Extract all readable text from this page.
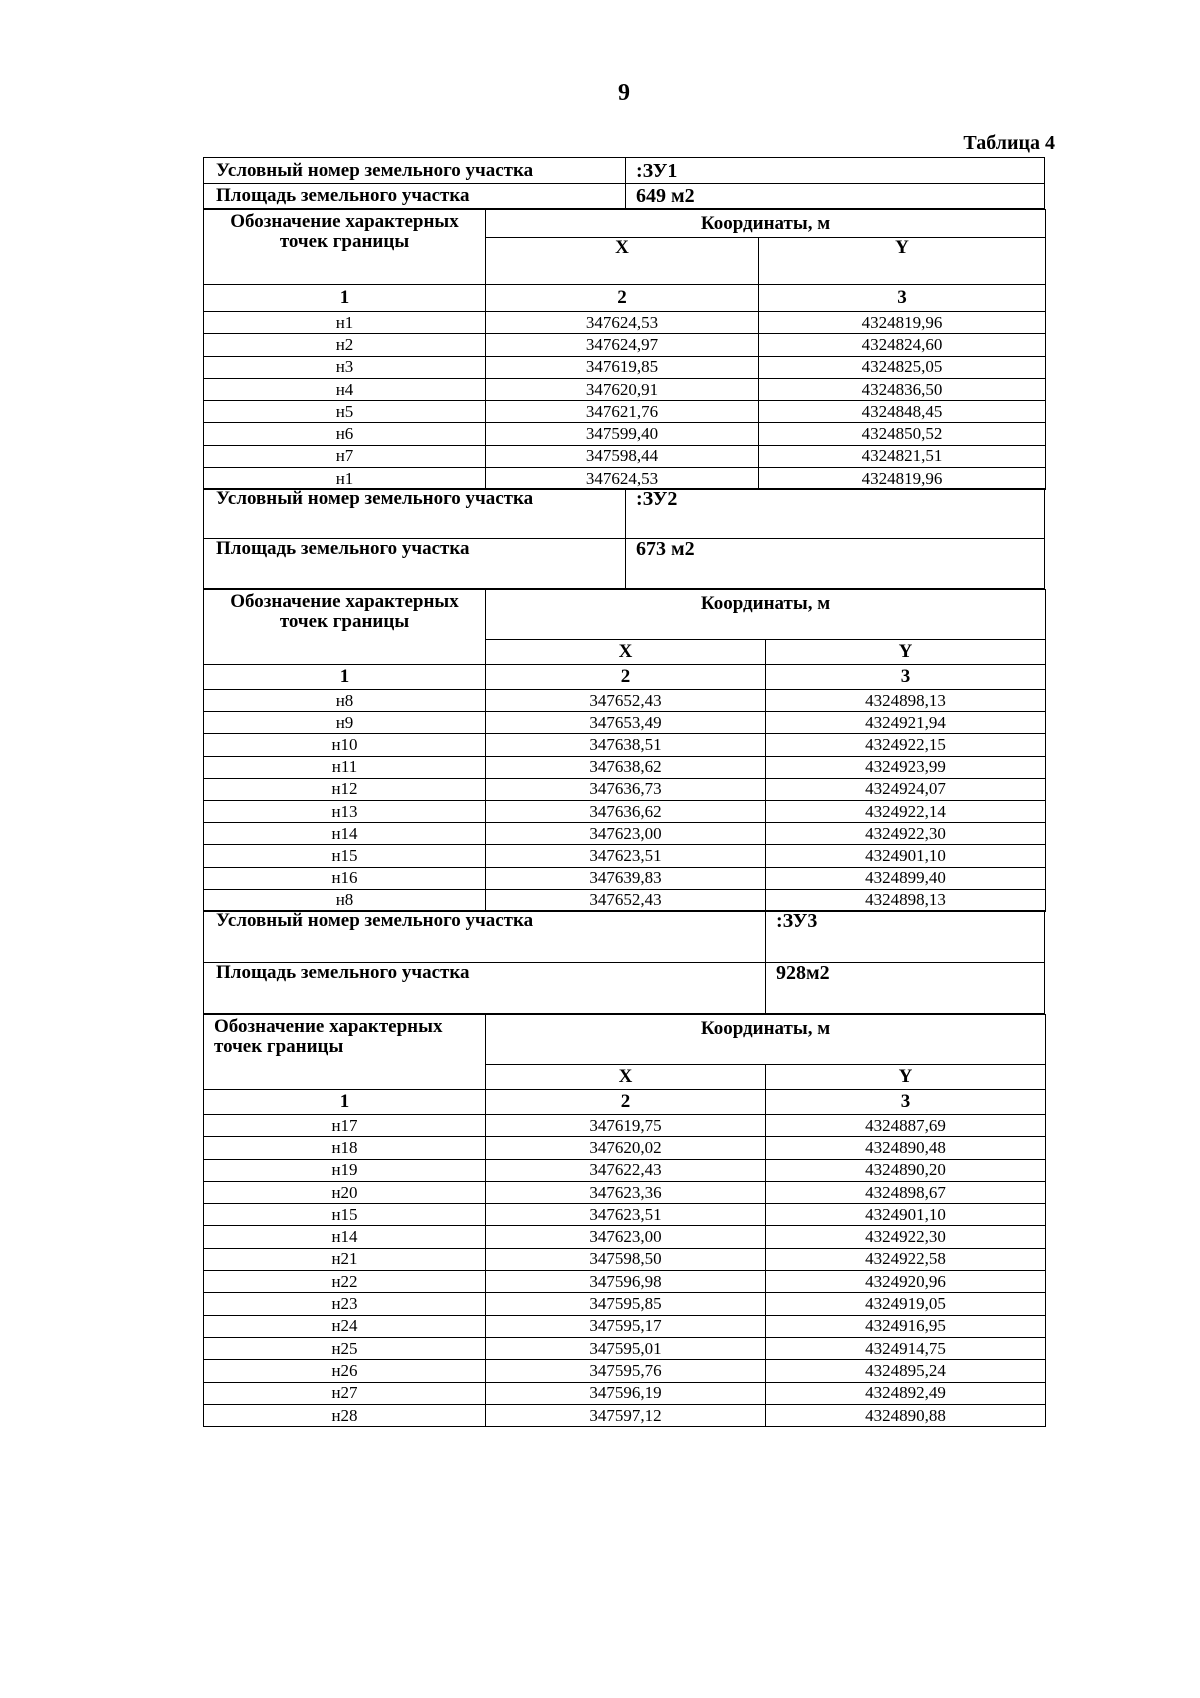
9
Таблица 4
Условный номер земельного участка	:ЗУ1
Площадь земельного участка	649 м2
Обозначение характерных точек границы	Координаты, м	
	X	Y
1	2	3
н1	347624,53	4324819,96
н2	347624,97	4324824,60
н3	347619,85	4324825,05
н4	347620,91	4324836,50
н5	347621,76	4324848,45
н6	347599,40	4324850,52
н7	347598,44	4324821,51
н1	347624,53	4324819,96
Условный номер земельного участка	:ЗУ2
Площадь земельного участка	673 м2
Обозначение характерных точек границы	Координаты, м	
	X	Y
1	2	3
н8	347652,43	4324898,13
н9	347653,49	4324921,94
н10	347638,51	4324922,15
н11	347638,62	4324923,99
н12	347636,73	4324924,07
н13	347636,62	4324922,14
н14	347623,00	4324922,30
н15	347623,51	4324901,10
н16	347639,83	4324899,40
н8	347652,43	4324898,13
Условный номер земельного участка	:ЗУ3
Площадь земельного участка	928м2
Обозначение характерных точек границы	Координаты, м	
	X	Y
1	2	3
н17	347619,75	4324887,69
н18	347620,02	4324890,48
н19	347622,43	4324890,20
н20	347623,36	4324898,67
н15	347623,51	4324901,10
н14	347623,00	4324922,30
н21	347598,50	4324922,58
н22	347596,98	4324920,96
н23	347595,85	4324919,05
н24	347595,17	4324916,95
н25	347595,01	4324914,75
н26	347595,76	4324895,24
н27	347596,19	4324892,49
н28	347597,12	4324890,88
